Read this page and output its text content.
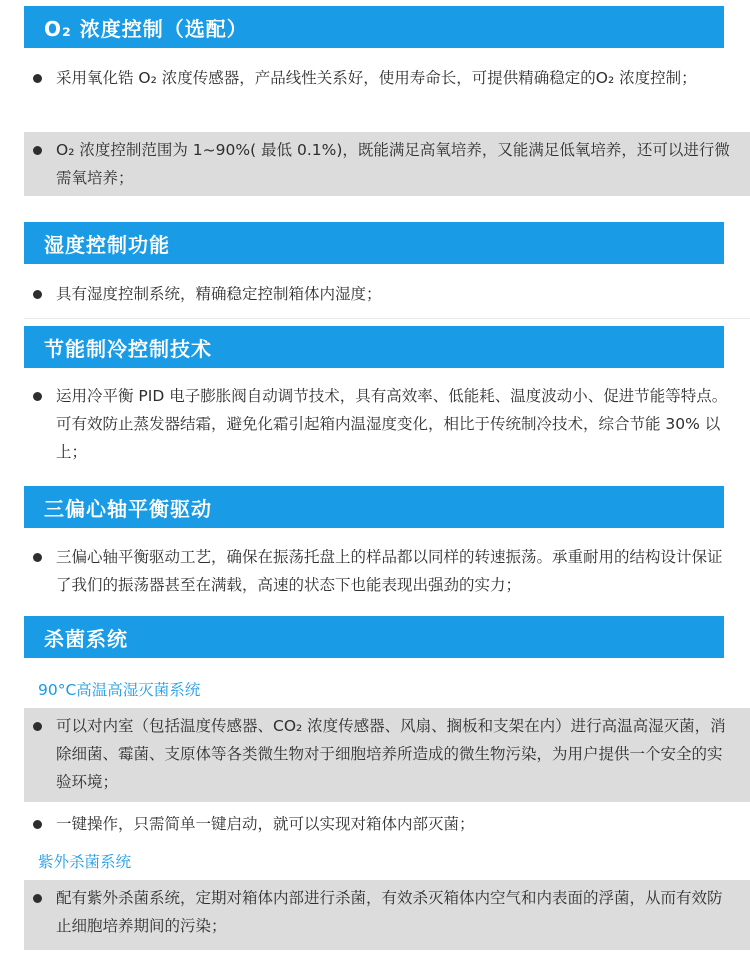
O₂ 浓度控制（选配）
采用氧化锆 O₂ 浓度传感器，产品线性关系好，使用寿命长，可提供精确稳定的O₂ 浓度控制；
O₂ 浓度控制范围为 1~90%( 最低 0.1%)，既能满足高氧培养，又能满足低氧培养，还可以进行微需氧培养；
湿度控制功能
具有湿度控制系统，精确稳定控制箱体内湿度；
节能制冷控制技术
运用冷平衡 PID 电子膨胀阀自动调节技术，具有高效率、低能耗、温度波动小、促进节能等特点。可有效防止蒸发器结霜，避免化霜引起箱内温湿度变化，相比于传统制冷技术，综合节能 30% 以上；
三偏心轴平衡驱动
三偏心轴平衡驱动工艺，确保在振荡托盘上的样品都以同样的转速振荡。承重耐用的结构设计保证了我们的振荡器甚至在满载，高速的状态下也能表现出强劲的实力；
杀菌系统
90°C高温高湿灭菌系统
可以对内室（包括温度传感器、CO₂ 浓度传感器、风扇、搁板和支架在内）进行高温高湿灭菌，消除细菌、霉菌、支原体等各类微生物对于细胞培养所造成的微生物污染，为用户提供一个安全的实验环境；
一键操作，只需简单一键启动，就可以实现对箱体内部灭菌；
紫外杀菌系统
配有紫外杀菌系统，定期对箱体内部进行杀菌，有效杀灭箱体内空气和内表面的浮菌，从而有效防止细胞培养期间的污染；
